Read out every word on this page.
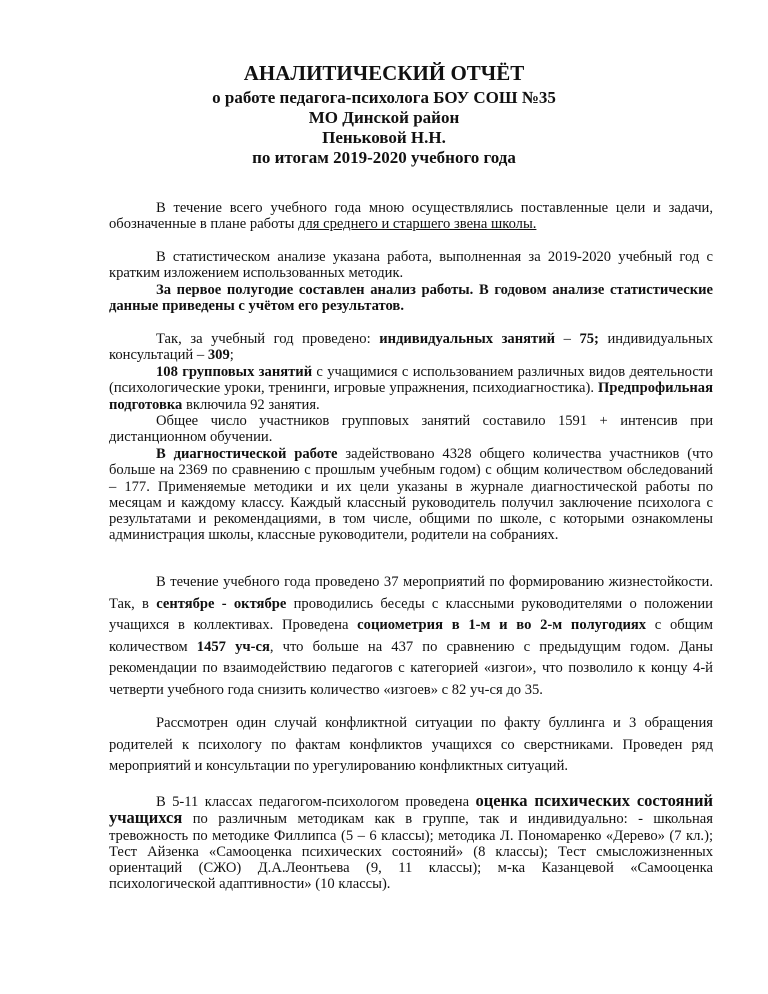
АНАЛИТИЧЕСКИЙ ОТЧЁТ
о работе педагога-психолога БОУ СОШ №35
МО Динской район
Пеньковой Н.Н.
по итогам 2019-2020 учебного года

В течение всего учебного года мною осуществлялись поставленные цели и задачи, обозначенные в плане работы для среднего и старшего звена школы.

В статистическом анализе указана работа, выполненная за 2019-2020 учебный год с кратким изложением использованных методик.

За первое полугодие составлен анализ работы. В годовом анализе статистические данные приведены с учётом его результатов.

Так, за учебный год проведено: индивидуальных занятий – 75; индивидуальных консультаций – 309;

108 групповых занятий с учащимися с использованием различных видов деятельности (психологические уроки, тренинги, игровые упражнения, психодиагностика). Предпрофильная подготовка включила 92 занятия.

Общее число участников групповых занятий составило 1591 + интенсив при дистанционном обучении.

В диагностической работе задействовано 4328 общего количества участников (что больше на 2369 по сравнению с прошлым учебным годом) с общим количеством обследований – 177. Применяемые методики и их цели указаны в журнале диагностической работы по месяцам и каждому классу. Каждый классный руководитель получил заключение психолога с результатами и рекомендациями, в том числе, общими по школе, с которыми ознакомлены администрация школы, классные руководители, родители на собраниях.

В течение учебного года проведено 37 мероприятий по формированию жизнестойкости. Так, в сентябре - октябре проводились беседы с классными руководителями о положении учащихся в коллективах. Проведена социометрия в 1-м и во 2-м полугодиях с общим количеством 1457 уч-ся, что больше на 437 по сравнению с предыдущим годом. Даны рекомендации по взаимодействию педагогов с категорией «изгои», что позволило к концу 4-й четверти учебного года снизить количество «изгоев» с 82 уч-ся до 35.

Рассмотрен один случай конфликтной ситуации по факту буллинга и 3 обращения родителей к психологу по фактам конфликтов учащихся со сверстниками. Проведен ряд мероприятий и консультации по урегулированию конфликтных ситуаций.

В 5-11 классах педагогом-психологом проведена оценка психических состояний учащихся по различным методикам как в группе, так и индивидуально: - школьная тревожность по методике Филлипса (5 – 6 классы); методика Л. Пономаренко «Дерево» (7 кл.); Тест Айзенка «Самооценка психических состояний» (8 классы); Тест смысложизненных ориентаций (СЖО) Д.А.Леонтьева (9, 11 классы); м-ка Казанцевой «Самооценка психологической адаптивности» (10 классы).
